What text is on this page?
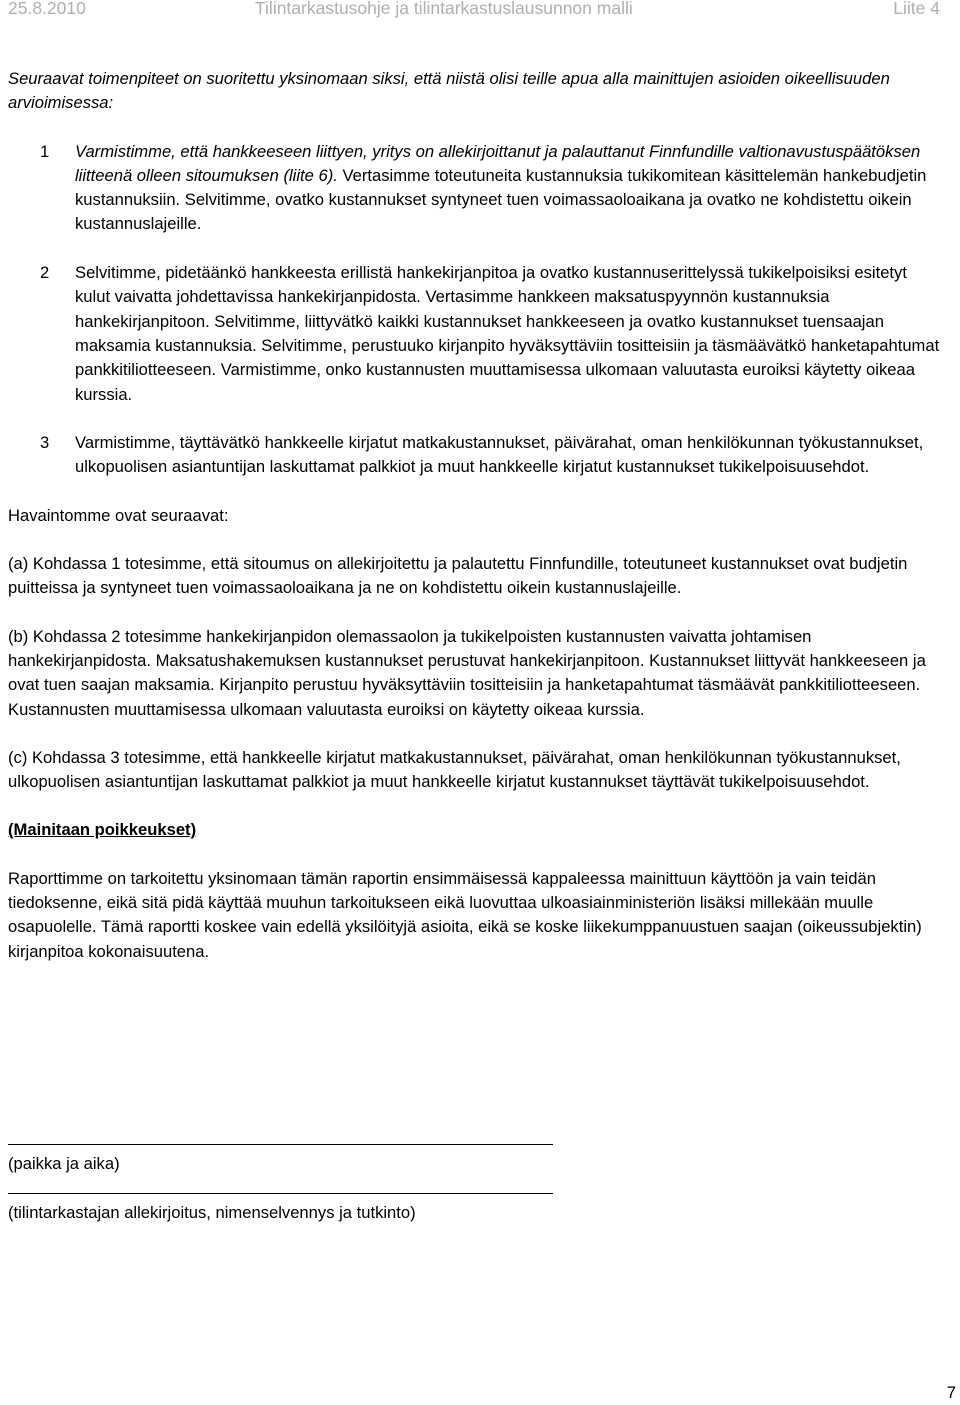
25.8.2010	Tilintarkastusohje ja tilintarkastuslausunnon malli	Liite 4

Seuraavat toimenpiteet on suoritettu yksinomaan siksi, että niistä olisi teille apua alla mainittujen asioiden oikeellisuuden arvioimisessa:

1 Varmistimme, että hankkeeseen liittyen, yritys on allekirjoittanut ja palauttanut Finnfundille valtionavustuspäätöksen liitteenä olleen sitoumuksen (liite 6). Vertasimme toteutuneita kustannuksia tukikomitean käsittelemän hankebudjetin kustannuksiin. Selvitimme, ovatko kustannukset syntyneet tuen voimassaoloaikana ja ovatko ne kohdistettu oikein kustannuslajeille.
2 Selvitimme, pidetäänkö hankkeesta erillistä hankekirjanpitoa ja ovatko kustannuserittelyssä tukikelpoisiksi esitetyt kulut vaivatta johdettavissa hankekirjanpidosta. Vertasimme hankkeen maksatuspyynnön kustannuksia hankekirjanpitoon. Selvitimme, liittyvätkö kaikki kustannukset hankkeeseen ja ovatko kustannukset tuensaajan maksamia kustannuksia. Selvitimme, perustuuko kirjanpito hyväksyttäviin tositteisiin ja täsmäävätkö hanketapahtumat pankkitiliotteeseen. Varmistimme, onko kustannusten muuttamisessa ulkomaan valuutasta euroiksi käytetty oikeaa kurssia.
3 Varmistimme, täyttävätkö hankkeelle kirjatut matkakustannukset, päivärahat, oman henkilökunnan työkustannukset, ulkopuolisen asiantuntijan laskuttamat palkkiot ja muut hankkeelle kirjatut kustannukset tukikelpoisuusehdot.

Havaintomme ovat seuraavat:

(a) Kohdassa 1 totesimme, että sitoumus on allekirjoitettu ja palautettu Finnfundille, toteutuneet kustannukset ovat budjetin puitteissa ja syntyneet tuen voimassaoloaikana ja ne on kohdistettu oikein kustannuslajeille.

(b) Kohdassa 2 totesimme hankekirjanpidon olemassaolon ja tukikelpoisten kustannusten vaivatta johtamisen hankekirjanpidosta. Maksatushakemuksen kustannukset perustuvat hankekirjanpitoon. Kustannukset liittyvät hankkeeseen ja ovat tuen saajan maksamia. Kirjanpito perustuu hyväksyttäviin tositteisiin ja hanketapahtumat täsmäävät pankkitiliotteeseen. Kustannusten muuttamisessa ulkomaan valuutasta euroiksi on käytetty oikeaa kurssia.

(c) Kohdassa 3 totesimme, että hankkeelle kirjatut matkakustannukset, päivärahat, oman henkilökunnan työkustannukset, ulkopuolisen asiantuntijan laskuttamat palkkiot ja muut hankkeelle kirjatut kustannukset täyttävät tukikelpoisuusehdot.

(Mainitaan poikkeukset)

Raporttimme on tarkoitettu yksinomaan tämän raportin ensimmäisessä kappaleessa mainittuun käyttöön ja vain teidän tiedoksenne, eikä sitä pidä käyttää muuhun tarkoitukseen eikä luovuttaa ulkoasiainministeriön lisäksi millekään muulle osapuolelle. Tämä raportti koskee vain edellä yksilöityjä asioita, eikä se koske liikekumppanuustuen saajan (oikeussubjektin) kirjanpitoa kokonaisuutena.

(paikka ja aika)
(tilintarkastajan allekirjoitus, nimenselvennys ja tutkinto)
7
